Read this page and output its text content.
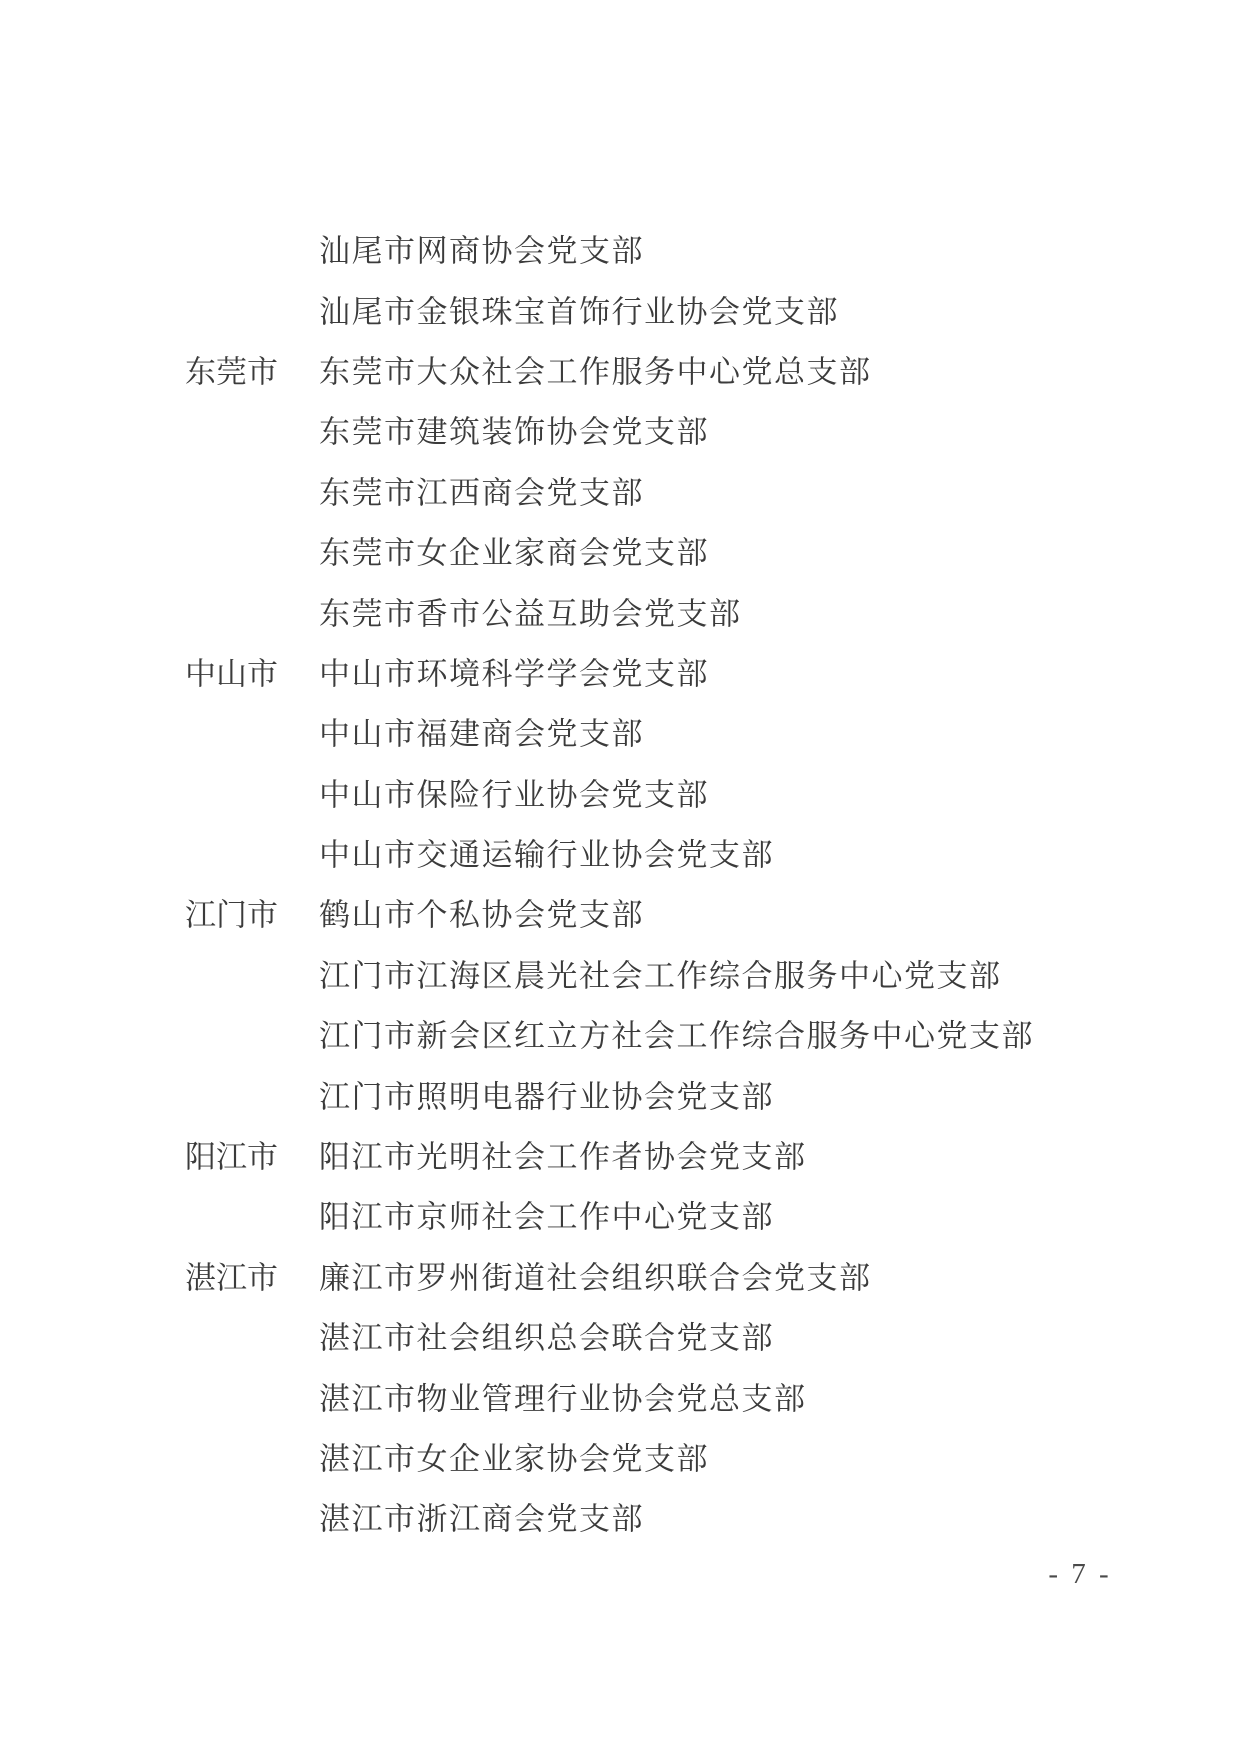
汕尾市网商协会党支部
汕尾市金银珠宝首饰行业协会党支部
东莞市 东莞市大众社会工作服务中心党总支部
东莞市建筑装饰协会党支部
东莞市江西商会党支部
东莞市女企业家商会党支部
东莞市香市公益互助会党支部
中山市 中山市环境科学学会党支部
中山市福建商会党支部
中山市保险行业协会党支部
中山市交通运输行业协会党支部
江门市 鹤山市个私协会党支部
江门市江海区晨光社会工作综合服务中心党支部
江门市新会区红立方社会工作综合服务中心党支部
江门市照明电器行业协会党支部
阳江市 阳江市光明社会工作者协会党支部
阳江市京师社会工作中心党支部
湛江市 廉江市罗州街道社会组织联合会党支部
湛江市社会组织总会联合党支部
湛江市物业管理行业协会党总支部
湛江市女企业家协会党支部
湛江市浙江商会党支部
- 7 -
